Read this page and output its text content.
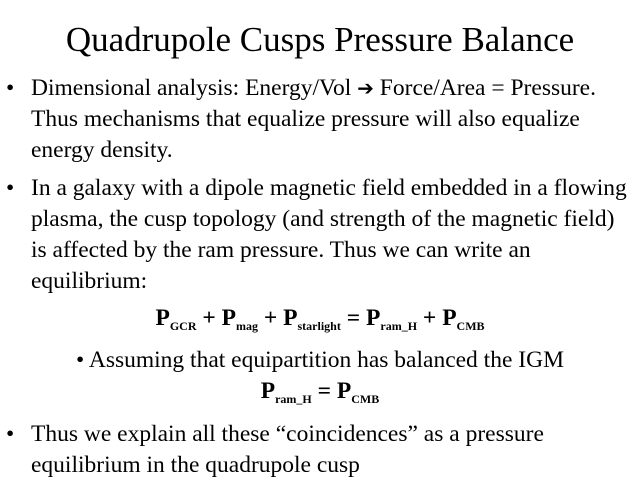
Quadrupole Cusps Pressure Balance
• Dimensional analysis: Energy/Vol ➔ Force/Area = Pressure. Thus mechanisms that equalize pressure will also equalize energy density.
• In a galaxy with a dipole magnetic field embedded in a flowing plasma, the cusp topology (and strength of the magnetic field) is affected by the ram pressure. Thus we can write an equilibrium:
$P_{GCR} + P_{mag} + P_{starlight} = P_{ram\_H} + P_{CMB}$
• Assuming that equipartition has balanced the IGM
$P_{ram\_H} = P_{CMB}$
• Thus we explain all these “coincidences” as a pressure equilibrium in the quadrupole cusp
